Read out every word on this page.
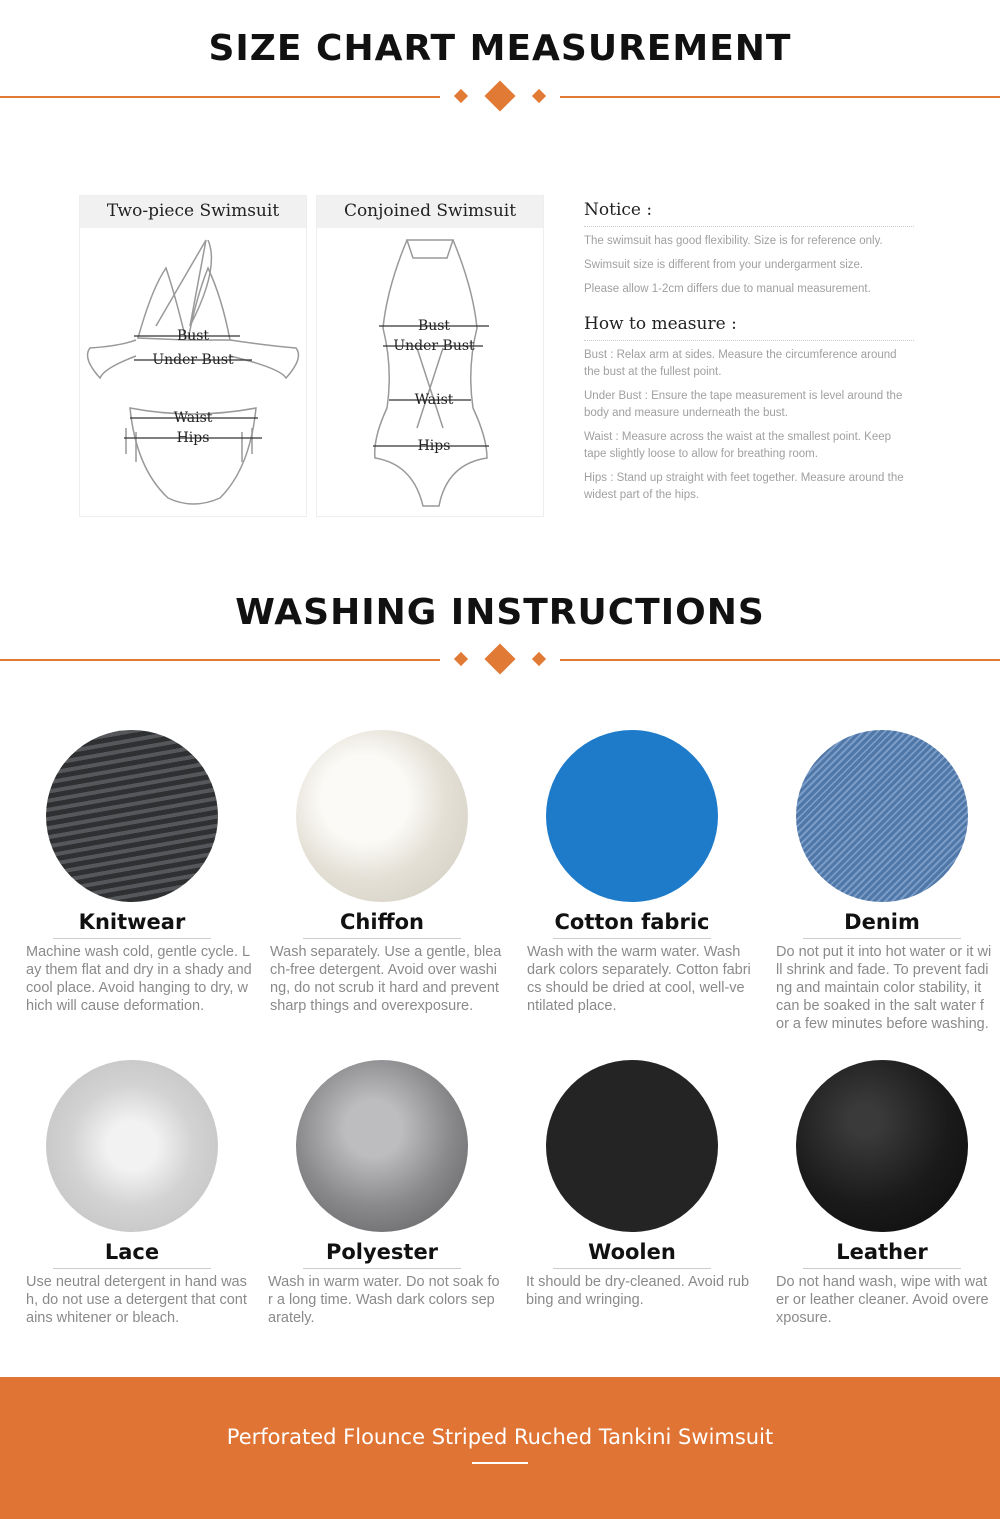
SIZE CHART MEASUREMENT
Two-piece Swimsuit
Bust
Under Bust
Waist
Hips
Conjoined Swimsuit
Bust
Under Bust
Waist
Hips
Notice :

The swimsuit has good flexibility. Size is for reference only.

Swimsuit size is different from your undergarment size.

Please allow 1-2cm differs due to manual measurement.

How to measure :

Bust : Relax arm at sides. Measure the circumference around the bust at the fullest point.

Under Bust : Ensure the tape measurement is level around the body and measure underneath the bust.

Waist : Measure across the waist at the smallest point. Keep tape slightly loose to allow for breathing room.

Hips : Stand up straight with feet together. Measure around the widest part of the hips.

WASHING INSTRUCTIONS
Knitwear
Machine wash cold, gentle cycle. Lay them flat and dry in a shady and cool place. Avoid hanging to dry, which will cause deformation.
Chiffon
Wash separately. Use a gentle, bleach-free detergent. Avoid over washing, do not scrub it hard and prevent sharp things and overexposure.
Cotton fabric
Wash with the warm water. Wash dark colors separately. Cotton fabrics should be dried at cool, well-ventilated place.
Denim
Do not put it into hot water or it will shrink and fade. To prevent fading and maintain color stability, it can be soaked in the salt water for a few minutes before washing.
Lace
Use neutral detergent in hand wash, do not use a detergent that contains whitener or bleach.
Polyester
Wash in warm water. Do not soak for a long time. Wash dark colors separately.
Woolen
It should be dry-cleaned. Avoid rubbing and wringing.
Leather
Do not hand wash, wipe with water or leather cleaner. Avoid overexposure.
Perforated Flounce Striped Ruched Tankini Swimsuit
